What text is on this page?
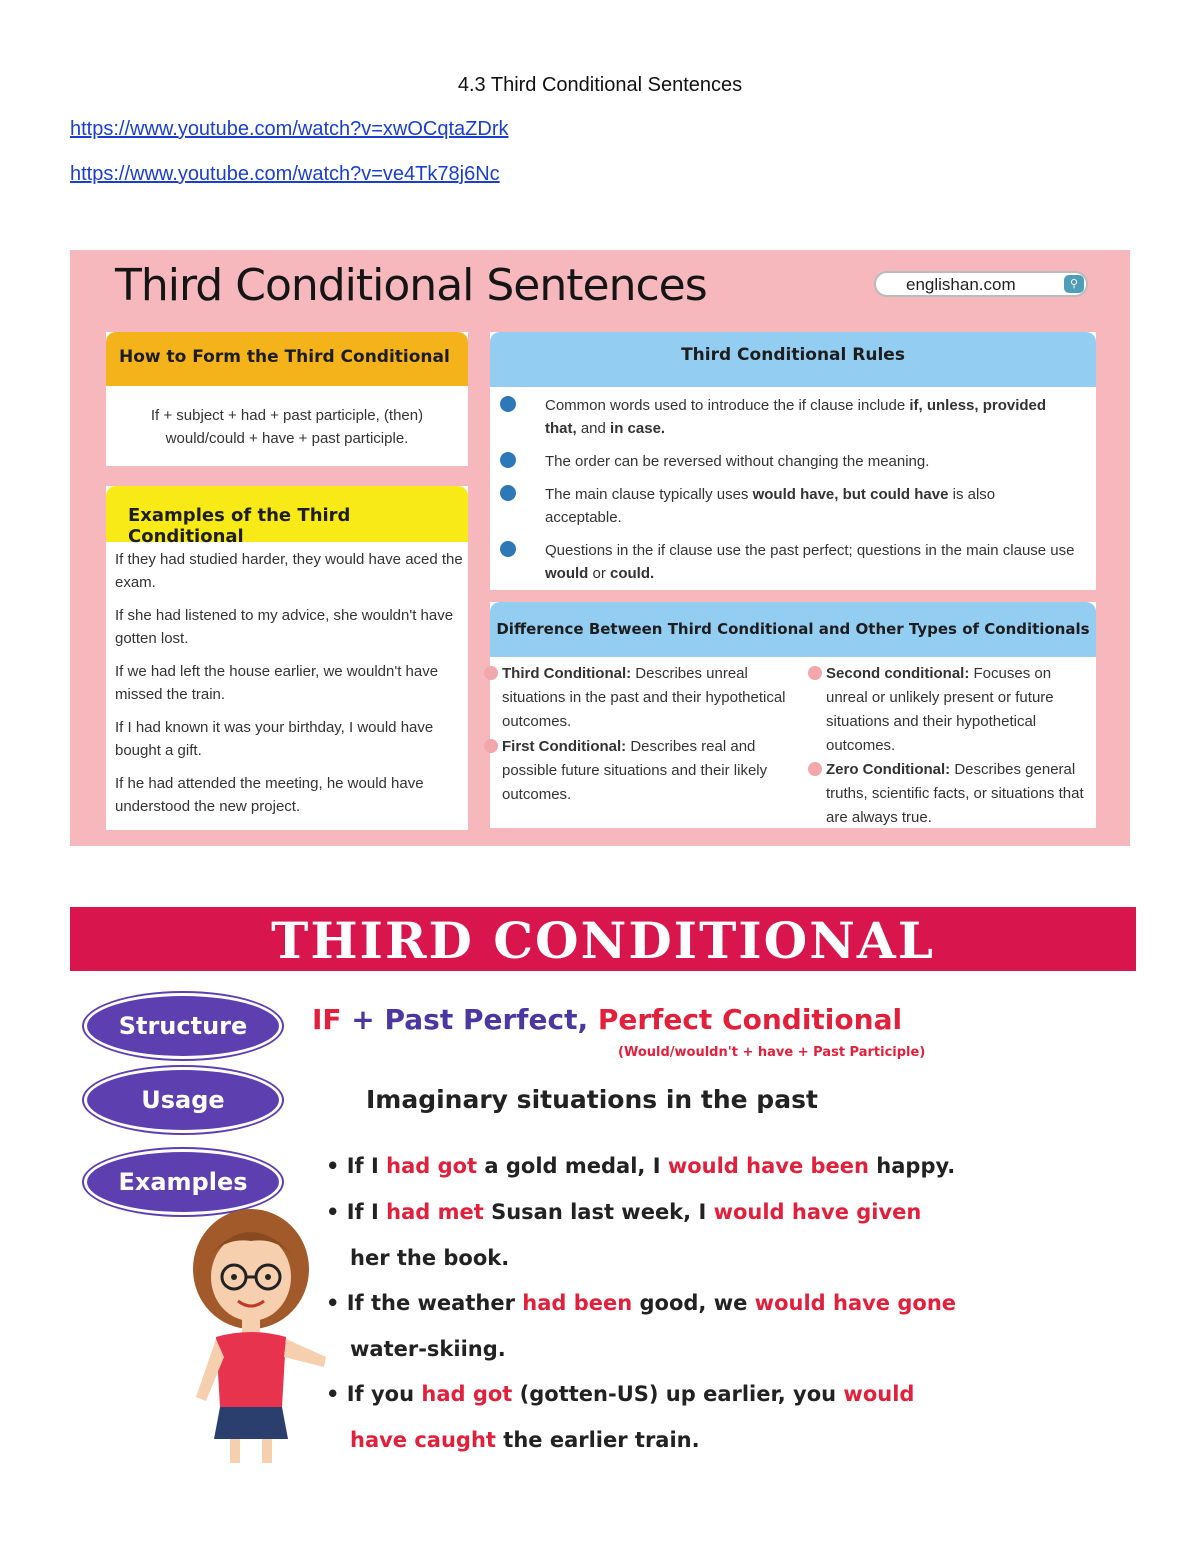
4.3 Third Conditional Sentences
https://www.youtube.com/watch?v=xwOCqtaZDrk
https://www.youtube.com/watch?v=ve4Tk78j6Nc
Third Conditional Sentences	englishan.com	⚲
How to Form the Third Conditional
If + subject + had + past participle, (then)
would/could + have + past participle.
Examples of the Third Conditional
If they had studied harder, they would have aced the exam.
If she had listened to my advice, she wouldn't have gotten lost.
If we had left the house earlier, we wouldn't have missed the train.
If I had known it was your birthday, I would have bought a gift.
If he had attended the meeting, he would have understood the new project.
Third Conditional Rules
Common words used to introduce the if clause include if, unless, provided that, and in case.
The order can be reversed without changing the meaning.
The main clause typically uses would have, but could have is also acceptable.
Questions in the if clause use the past perfect; questions in the main clause use would or could.
Difference Between Third Conditional and Other Types of Conditionals
Third Conditional: Describes unreal situations in the past and their hypothetical outcomes.
First Conditional: Describes real and possible future situations and their likely outcomes.
Second conditional: Focuses on unreal or unlikely present or future situations and their hypothetical outcomes.
Zero Conditional: Describes general truths, scientific facts, or situations that are always true.
THIRD CONDITIONAL
Structure
Usage
Examples
IF + Past Perfect, Perfect Conditional
(Would/wouldn't + have + Past Participle)
Imaginary situations in the past
• If I had got a gold medal, I would have been happy.
• If I had met Susan last week, I would have given
her the book.
• If the weather had been good, we would have gone
water-skiing.
• If you had got (gotten-US) up earlier, you would
have caught the earlier train.
